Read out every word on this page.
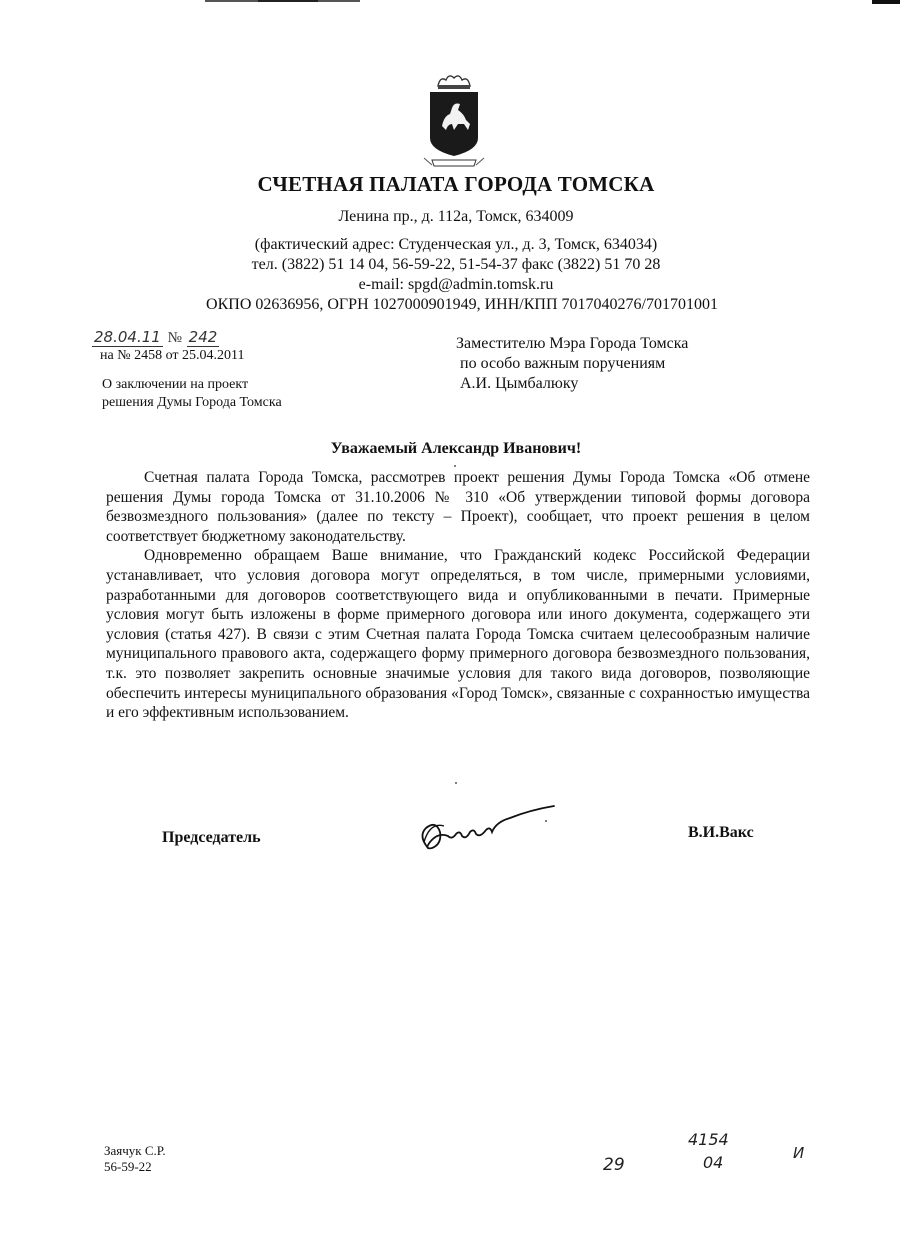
СЧЕТНАЯ ПАЛАТА ГОРОДА ТОМСКА
Ленина пр., д. 112а, Томск, 634009
(фактический адрес: Студенческая ул., д. 3, Томск, 634034)
тел. (3822) 51 14 04, 56-59-22, 51-54-37 факс (3822) 51 70 28
e-mail: spgd@admin.tomsk.ru
ОКПО 02636956, ОГРН 1027000901949, ИНН/КПП 7017040276/701701001
28.04.11 № 242
на № 2458 от 25.04.2011
О заключении на проект
решения Думы Города Томска
Заместителю Мэра Города Томска
по особо важным поручениям
А.И. Цымбалюку
Уважаемый Александр Иванович!

Счетная палата Города Томска, рассмотрев проект решения Думы Города Томска «Об отмене решения Думы города Томска от 31.10.2006 № 310 «Об утверждении типовой формы договора безвозмездного пользования» (далее по тексту – Проект), сообщает, что проект решения в целом соответствует бюджетному законодательству.

Одновременно обращаем Ваше внимание, что Гражданский кодекс Российской Федерации устанавливает, что условия договора могут определяться, в том числе, примерными условиями, разработанными для договоров соответствующего вида и опубликованными в печати. Примерные условия могут быть изложены в форме примерного договора или иного документа, содержащего эти условия (статья 427). В связи с этим Счетная палата Города Томска считаем целесообразным наличие муниципального правового акта, содержащего форму примерного договора безвозмездного пользования, т.к. это позволяет закрепить основные значимые условия для такого вида договоров, позволяющие обеспечить интересы муниципального образования «Город Томск», связанные с сохранностью имущества и его эффективным использованием.

Председатель	В.И.Вакс
Заячук С.Р.
56-59-22	29
4154
04	И
